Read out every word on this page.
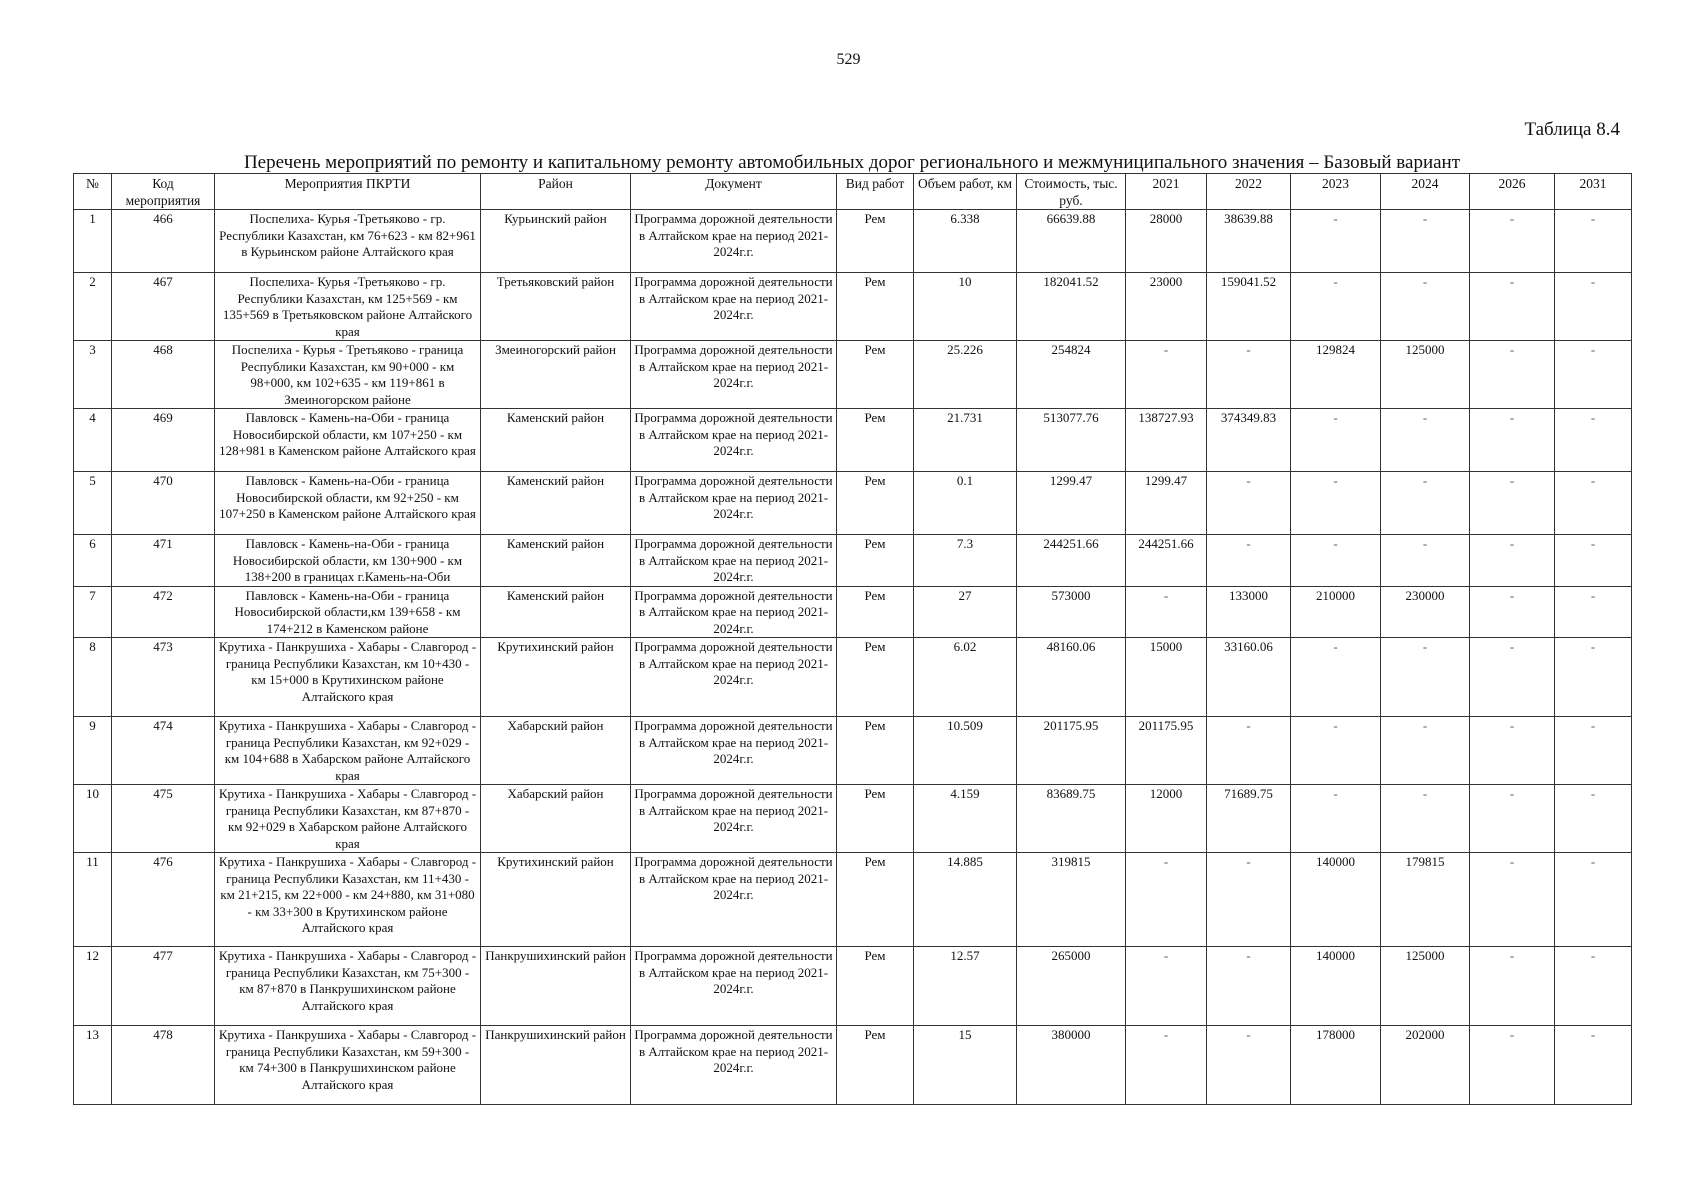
529
Таблица 8.4
Перечень мероприятий по ремонту и капитальному ремонту автомобильных дорог регионального и межмуниципального значения – Базовый вариант
№	Код мероприятия	Мероприятия ПКРТИ	Район	Документ	Вид работ	Объем работ, км	Стоимость, тыс. руб.	2021	2022	2023	2024	2026	2031
1	466	Поспелиха- Курья -Третьяково - гр. Республики Казахстан, км 76+623 - км 82+961 в Курьинском районе Алтайского края	Курьинский район	Программа дорожной деятельности в Алтайском крае на период 2021-2024г.г.	Рем	6.338	66639.88	28000	38639.88	-	-	-	-
2	467	Поспелиха- Курья -Третьяково - гр. Республики Казахстан, км 125+569 - км 135+569 в Третьяковском районе Алтайского края	Третьяковский район	Программа дорожной деятельности в Алтайском крае на период 2021-2024г.г.	Рем	10	182041.52	23000	159041.52	-	-	-	-
3	468	Поспелиха - Курья - Третьяково - граница Республики Казахстан, км 90+000 - км 98+000, км 102+635 - км 119+861 в Змеиногорском районе	Змеиногорский район	Программа дорожной деятельности в Алтайском крае на период 2021-2024г.г.	Рем	25.226	254824	-	-	129824	125000	-	-
4	469	Павловск - Камень-на-Оби - граница Новосибирской области, км 107+250 - км 128+981 в Каменском районе Алтайского края	Каменский район	Программа дорожной деятельности в Алтайском крае на период 2021-2024г.г.	Рем	21.731	513077.76	138727.93	374349.83	-	-	-	-
5	470	Павловск - Камень-на-Оби - граница Новосибирской области, км 92+250 - км 107+250 в Каменском районе Алтайского края	Каменский район	Программа дорожной деятельности в Алтайском крае на период 2021-2024г.г.	Рем	0.1	1299.47	1299.47	-	-	-	-	-
6	471	Павловск - Камень-на-Оби - граница Новосибирской области, км 130+900 - км 138+200 в границах г.Камень-на-Оби	Каменский район	Программа дорожной деятельности в Алтайском крае на период 2021-2024г.г.	Рем	7.3	244251.66	244251.66	-	-	-	-	-
7	472	Павловск - Камень-на-Оби - граница Новосибирской области,км 139+658 - км 174+212 в Каменском районе	Каменский район	Программа дорожной деятельности в Алтайском крае на период 2021-2024г.г.	Рем	27	573000	-	133000	210000	230000	-	-
8	473	Крутиха - Панкрушиха - Хабары - Славгород - граница Республики Казахстан, км 10+430 - км 15+000 в Крутихинском районе Алтайского края	Крутихинский район	Программа дорожной деятельности в Алтайском крае на период 2021-2024г.г.	Рем	6.02	48160.06	15000	33160.06	-	-	-	-
9	474	Крутиха - Панкрушиха - Хабары - Славгород - граница Республики Казахстан, км 92+029 - км 104+688 в Хабарском районе Алтайского края	Хабарский район	Программа дорожной деятельности в Алтайском крае на период 2021-2024г.г.	Рем	10.509	201175.95	201175.95	-	-	-	-	-
10	475	Крутиха - Панкрушиха - Хабары - Славгород - граница Республики Казахстан, км 87+870 - км 92+029 в Хабарском районе Алтайского края	Хабарский район	Программа дорожной деятельности в Алтайском крае на период 2021-2024г.г.	Рем	4.159	83689.75	12000	71689.75	-	-	-	-
11	476	Крутиха - Панкрушиха - Хабары - Славгород - граница Республики Казахстан, км 11+430 - км 21+215, км 22+000 - км 24+880, км 31+080 - км 33+300 в Крутихинском районе Алтайского края	Крутихинский район	Программа дорожной деятельности в Алтайском крае на период 2021-2024г.г.	Рем	14.885	319815	-	-	140000	179815	-	-
12	477	Крутиха - Панкрушиха - Хабары - Славгород - граница Республики Казахстан, км 75+300 - км 87+870 в Панкрушихинском районе Алтайского края	Панкрушихинский район	Программа дорожной деятельности в Алтайском крае на период 2021-2024г.г.	Рем	12.57	265000	-	-	140000	125000	-	-
13	478	Крутиха - Панкрушиха - Хабары - Славгород - граница Республики Казахстан, км 59+300 - км 74+300 в Панкрушихинском районе Алтайского края	Панкрушихинский район	Программа дорожной деятельности в Алтайском крае на период 2021-2024г.г.	Рем	15	380000	-	-	178000	202000	-	-
